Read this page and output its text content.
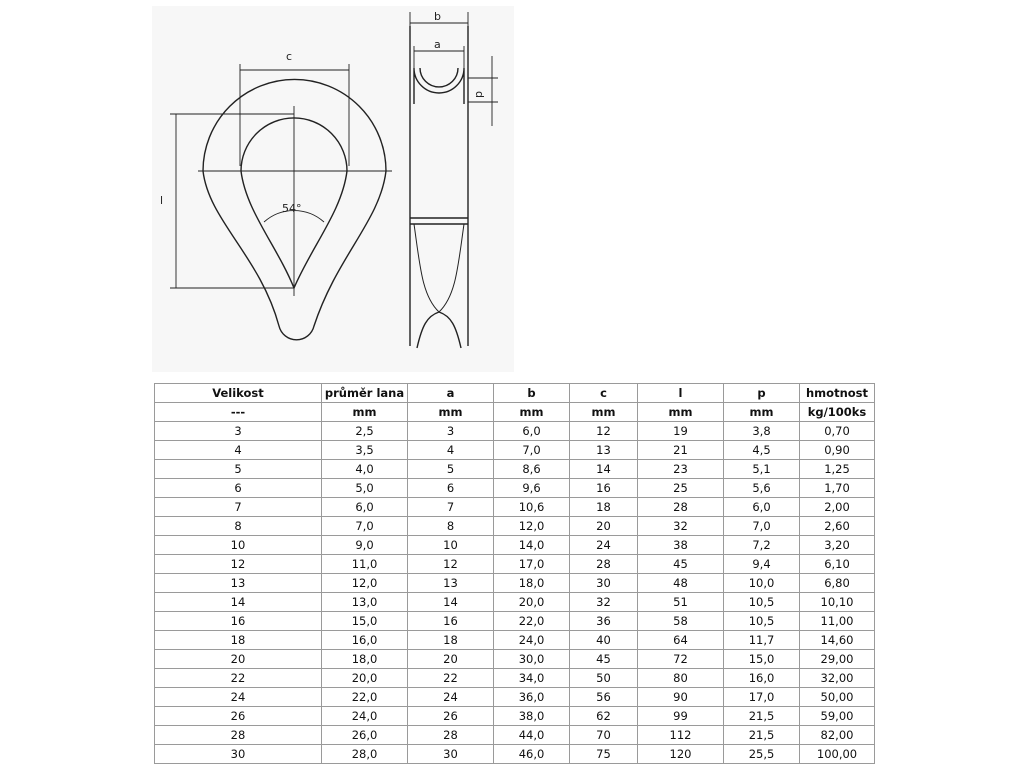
c
l
b
a
p
54°
Velikost	průměr lana	a	b	c	l	p	hmotnost
---	mm	mm	mm	mm	mm	mm	kg/100ks
3	2,5	3	6,0	12	19	3,8	0,70
4	3,5	4	7,0	13	21	4,5	0,90
5	4,0	5	8,6	14	23	5,1	1,25
6	5,0	6	9,6	16	25	5,6	1,70
7	6,0	7	10,6	18	28	6,0	2,00
8	7,0	8	12,0	20	32	7,0	2,60
10	9,0	10	14,0	24	38	7,2	3,20
12	11,0	12	17,0	28	45	9,4	6,10
13	12,0	13	18,0	30	48	10,0	6,80
14	13,0	14	20,0	32	51	10,5	10,10
16	15,0	16	22,0	36	58	10,5	11,00
18	16,0	18	24,0	40	64	11,7	14,60
20	18,0	20	30,0	45	72	15,0	29,00
22	20,0	22	34,0	50	80	16,0	32,00
24	22,0	24	36,0	56	90	17,0	50,00
26	24,0	26	38,0	62	99	21,5	59,00
28	26,0	28	44,0	70	112	21,5	82,00
30	28,0	30	46,0	75	120	25,5	100,00
